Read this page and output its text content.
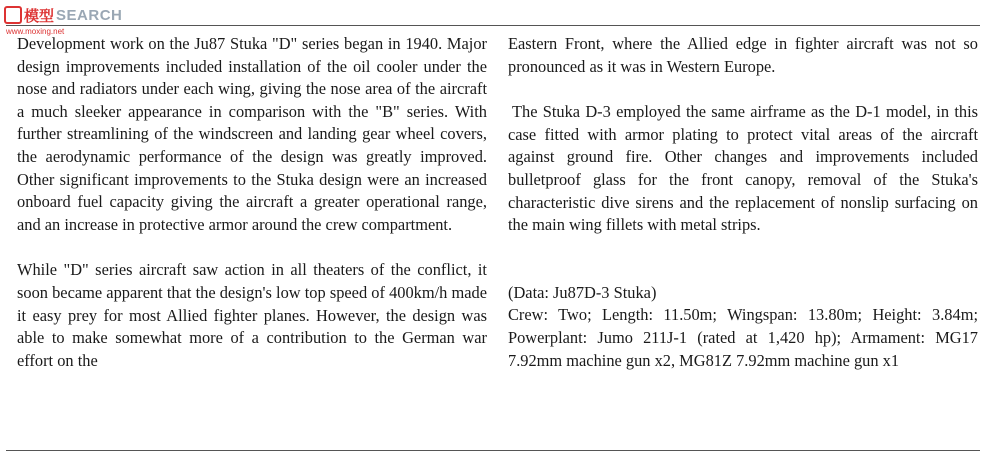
模型 SEARCH
www.moxing.net

Development work on the Ju87 Stuka "D" series began in 1940. Major design improvements included installation of the oil cooler under the nose and radiators under each wing, giving the nose area of the aircraft a much sleeker appearance in comparison with the "B" series. With further streamlining of the windscreen and landing gear wheel covers, the aerodynamic performance of the design was greatly improved. Other significant improvements to the Stuka design were an increased onboard fuel capacity giving the aircraft a greater operational range, and an increase in protective armor around the crew compartment.

While "D" series aircraft saw action in all theaters of the conflict, it soon became apparent that the design's low top speed of 400km/h made it easy prey for most Allied fighter planes. However, the design was able to make somewhat more of a contribution to the German war effort on the

Eastern Front, where the Allied edge in fighter aircraft was not so pronounced as it was in Western Europe.

The Stuka D-3 employed the same airframe as the D-1 model, in this case fitted with armor plating to protect vital areas of the aircraft against ground fire. Other changes and improvements included bulletproof glass for the front canopy, removal of the Stuka's characteristic dive sirens and the replacement of nonslip surfacing on the main wing fillets with metal strips.

(Data: Ju87D-3 Stuka)

Crew: Two; Length: 11.50m; Wingspan: 13.80m; Height: 3.84m; Powerplant: Jumo 211J-1 (rated at 1,420 hp); Armament: MG17 7.92mm machine gun x2, MG81Z 7.92mm machine gun x1
